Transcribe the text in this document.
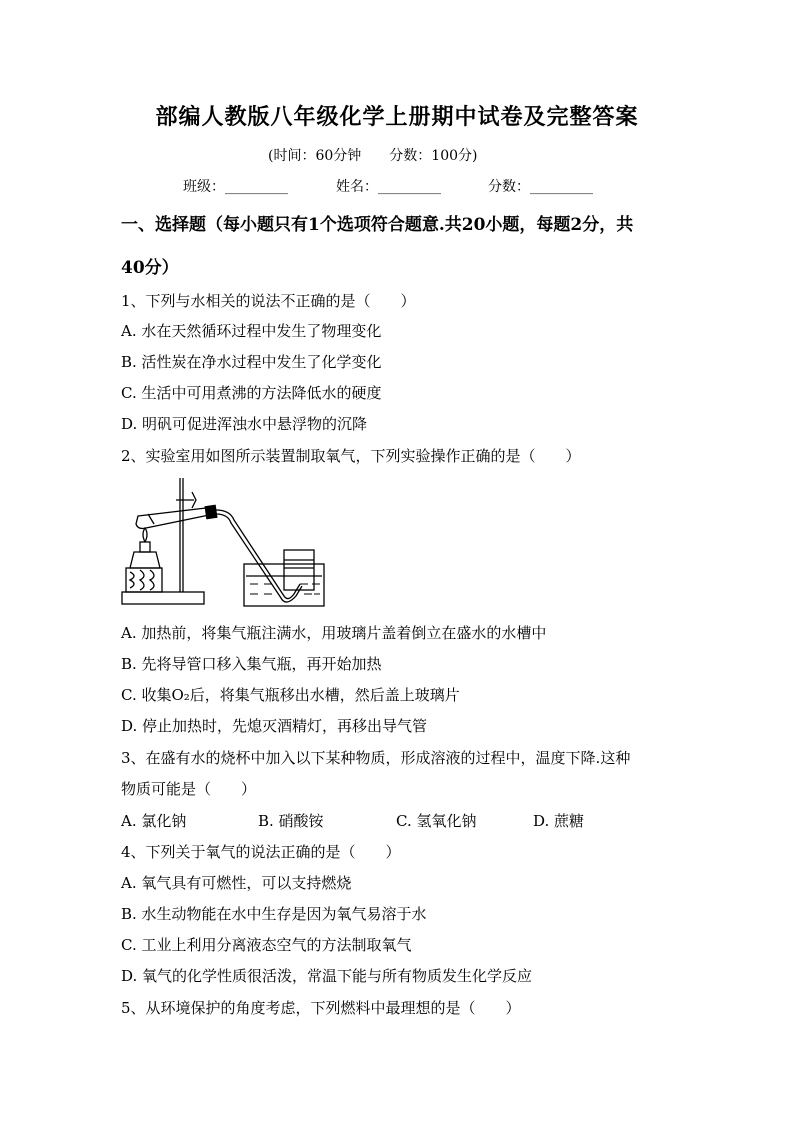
部编人教版八年级化学上册期中试卷及完整答案
(时间：60分钟 分数：100分)
班级：_________	姓名：_________	分数：_________
一、选择题（每小题只有1个选项符合题意.共20小题，每题2分，共
40分）
1、下列与水相关的说法不正确的是（　　）
A. 水在天然循环过程中发生了物理变化
B. 活性炭在净水过程中发生了化学变化
C. 生活中可用煮沸的方法降低水的硬度
D. 明矾可促进浑浊水中悬浮物的沉降
2、实验室用如图所示装置制取氧气，下列实验操作正确的是（　　）
A. 加热前，将集气瓶注满水，用玻璃片盖着倒立在盛水的水槽中
B. 先将导管口移入集气瓶，再开始加热
C. 收集O₂后，将集气瓶移出水槽，然后盖上玻璃片
D. 停止加热时，先熄灭酒精灯，再移出导气管
3、在盛有水的烧杯中加入以下某种物质，形成溶液的过程中，温度下降.这种
物质可能是（　　）
A. 氯化钠	B. 硝酸铵	C. 氢氧化钠	D. 蔗糖
4、下列关于氧气的说法正确的是（　　）
A. 氧气具有可燃性，可以支持燃烧
B. 水生动物能在水中生存是因为氧气易溶于水
C. 工业上利用分离液态空气的方法制取氧气
D. 氧气的化学性质很活泼，常温下能与所有物质发生化学反应
5、从环境保护的角度考虑，下列燃料中最理想的是（　　）
